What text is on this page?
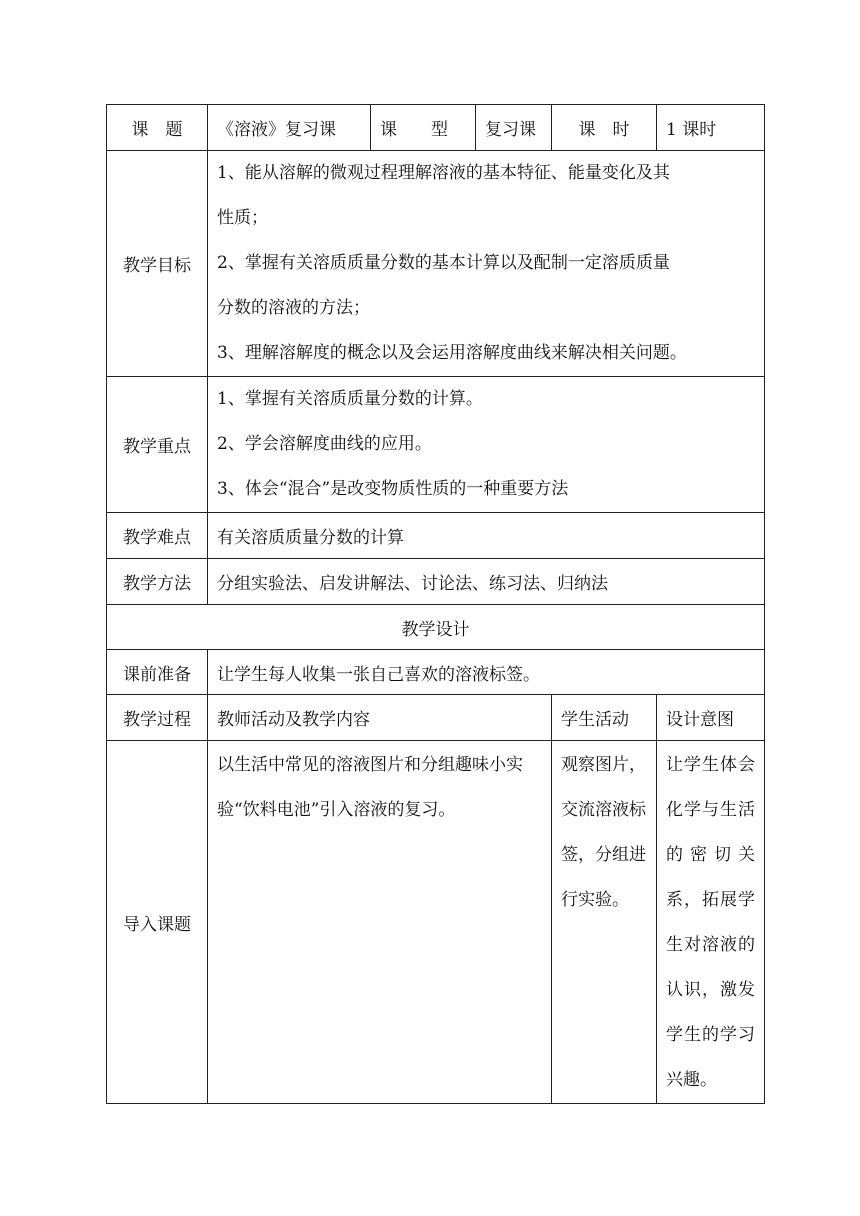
课　题	《溶液》复习课	课　　型	复习课	课　时	1 课时
教学目标	1、能从溶解的微观过程理解溶液的基本特征、能量变化及其

性质；

2、掌握有关溶质质量分数的基本计算以及配制一定溶质质量

分数的溶液的方法；

3、理解溶解度的概念以及会运用溶解度曲线来解决相关问题。				

教学重点	1、掌握有关溶质质量分数的计算。

2、学会溶解度曲线的应用。

3、体会“混合”是改变物质性质的一种重要方法				

教学难点	有关溶质质量分数的计算				
教学方法	分组实验法、启发讲解法、讨论法、练习法、归纳法				
教学设计					
课前准备	让学生每人收集一张自己喜欢的溶液标签。				
教学过程	教师活动及教学内容			学生活动	设计意图
导入课题	以生活中常见的溶液图片和分组趣味小实验“饮料电池”引入溶液的复习。			观察图片，交流溶液标签，分组进行实验。	让学生体会化学与生活的密切关系，拓展学生对溶液的认识，激发学生的学习兴趣。
